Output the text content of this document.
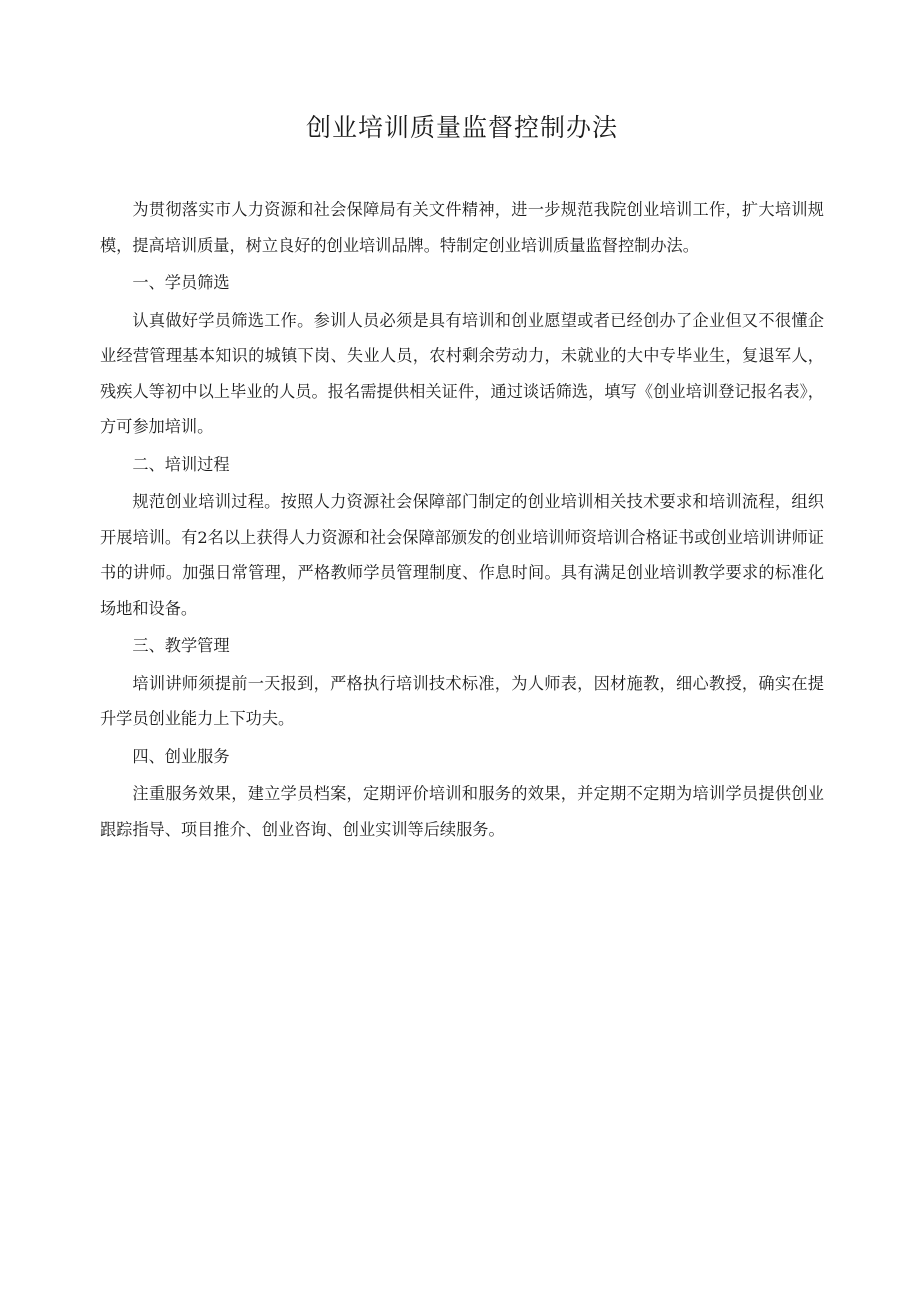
创业培训质量监督控制办法

为贯彻落实市人力资源和社会保障局有关文件精神，进一步规范我院创业培训工作，扩大培训规模，提高培训质量，树立良好的创业培训品牌。特制定创业培训质量监督控制办法。

一、学员筛选

认真做好学员筛选工作。参训人员必须是具有培训和创业愿望或者已经创办了企业但又不很懂企业经营管理基本知识的城镇下岗、失业人员，农村剩余劳动力，未就业的大中专毕业生，复退军人，残疾人等初中以上毕业的人员。报名需提供相关证件，通过谈话筛选，填写《创业培训登记报名表》，方可参加培训。

二、培训过程

规范创业培训过程。按照人力资源社会保障部门制定的创业培训相关技术要求和培训流程，组织开展培训。有2名以上获得人力资源和社会保障部颁发的创业培训师资培训合格证书或创业培训讲师证书的讲师。加强日常管理，严格教师学员管理制度、作息时间。具有满足创业培训教学要求的标准化场地和设备。

三、教学管理

培训讲师须提前一天报到，严格执行培训技术标准，为人师表，因材施教，细心教授，确实在提升学员创业能力上下功夫。

四、创业服务

注重服务效果，建立学员档案，定期评价培训和服务的效果，并定期不定期为培训学员提供创业跟踪指导、项目推介、创业咨询、创业实训等后续服务。
